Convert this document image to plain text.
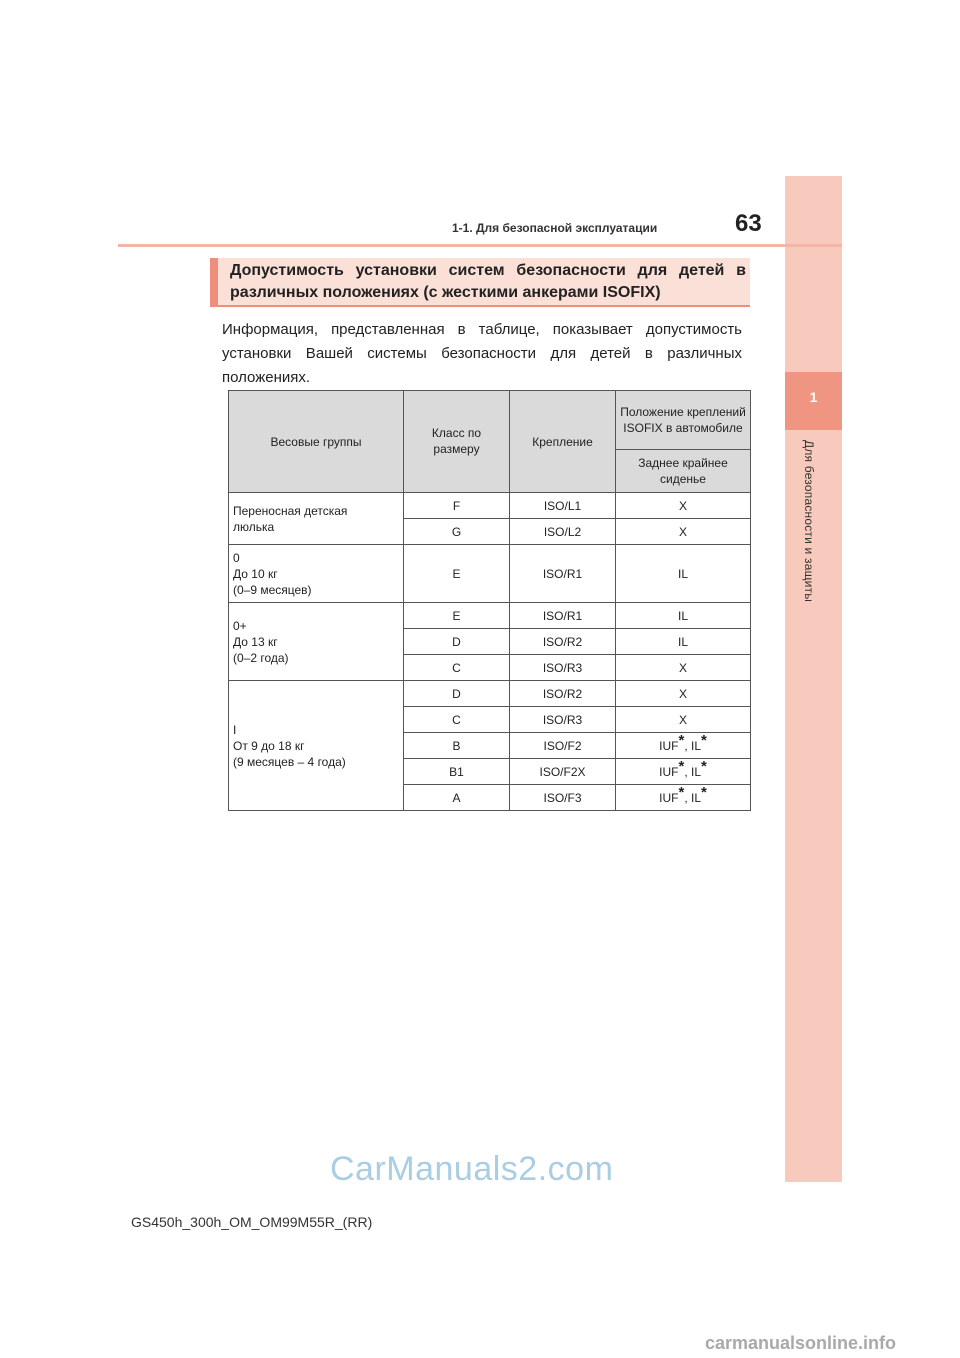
1
Для безопасности и защиты
63
1-1. Для безопасной эксплуатации
Допустимость установки систем безопасности для детей в различных положениях (с жесткими анкерами ISOFIX)
Информация, представленная в таблице, показывает допустимость установки Вашей системы безопасности для детей в различных положениях.
Весовые группы	Класс по размеру	Крепление	Положение креплений ISOFIX в автомобиле
			Заднее крайнее сиденье
Переносная детская
люлька	F	ISO/L1	X
	G	ISO/L2	X
0
До 10 кг
(0–9 месяцев)	E	ISO/R1	IL
0+
До 13 кг
(0–2 года)	E	ISO/R1	IL
	D	ISO/R2	IL
	C	ISO/R3	X
I
От 9 до 18 кг
(9 месяцев – 4 года)	D	ISO/R2	X
	C	ISO/R3	X
	B	ISO/F2	IUF*, IL*
	B1	ISO/F2X	IUF*, IL*
	A	ISO/F3	IUF*, IL*
GS450h_300h_OM_OM99M55R_(RR)
CarManuals2.com
carmanualsonline.info
